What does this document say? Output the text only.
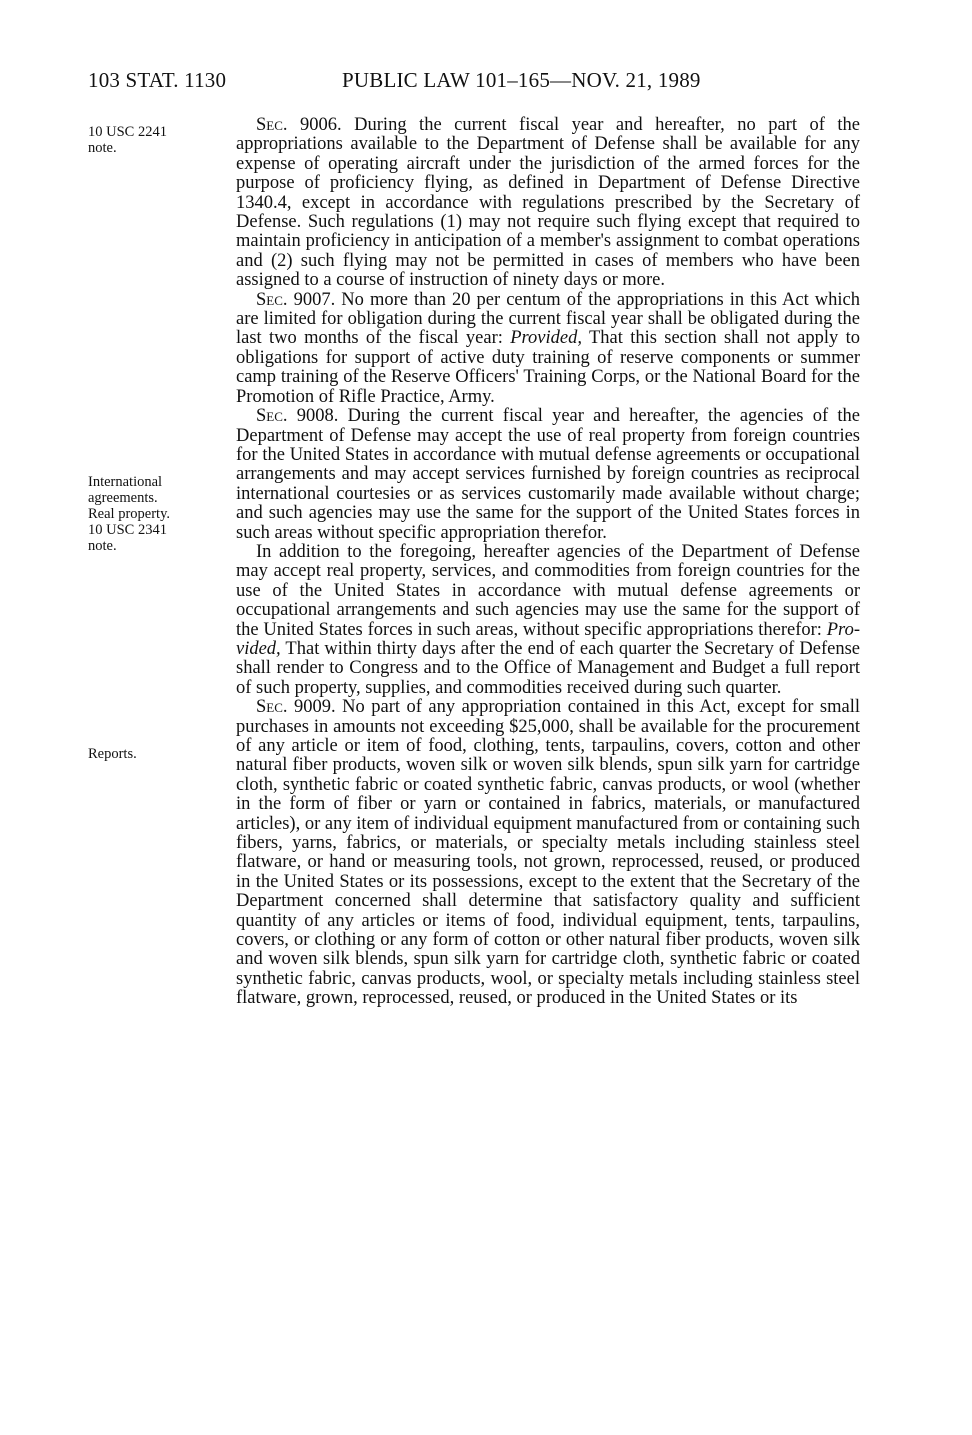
103 STAT. 1130	PUBLIC LAW 101–165—NOV. 21, 1989
10 USC 2241
note.
International
agreements.
Real property.
10 USC 2341
note.
Reports.

Sec. 9006. During the current fiscal year and hereafter, no part of the appropriations available to the Department of Defense shall be available for any expense of operating aircraft under the jurisdiction of the armed forces for the purpose of proficiency flying, as defined in Department of Defense Directive 1340.4, except in accordance with regulations prescribed by the Secretary of Defense. Such regulations (1) may not require such flying except that required to maintain proficiency in anticipation of a member's assignment to combat operations and (2) such flying may not be permitted in cases of members who have been assigned to a course of instruction of ninety days or more.

Sec. 9007. No more than 20 per centum of the appropriations in this Act which are limited for obligation during the current fiscal year shall be obligated during the last two months of the fiscal year: Provided, That this section shall not apply to obligations for support of active duty training of reserve components or summer camp training of the Reserve Officers' Training Corps, or the National Board for the Promotion of Rifle Practice, Army.

Sec. 9008. During the current fiscal year and hereafter, the agencies of the Department of Defense may accept the use of real property from foreign countries for the United States in accordance with mutual defense agreements or occupational arrangements and may accept services furnished by foreign countries as reciprocal international courtesies or as services customarily made available without charge; and such agencies may use the same for the support of the United States forces in such areas without specific appropriation therefor.

In addition to the foregoing, hereafter agencies of the Department of Defense may accept real property, services, and commodities from foreign countries for the use of the United States in accordance with mutual defense agreements or occupational arrangements and such agencies may use the same for the support of the United States forces in such areas, without specific appropriations therefor: Provided, That within thirty days after the end of each quarter the Secretary of Defense shall render to Congress and to the Office of Management and Budget a full report of such property, supplies, and commodities received during such quarter.

Sec. 9009. No part of any appropriation contained in this Act, except for small purchases in amounts not exceeding $25,000, shall be available for the procurement of any article or item of food, clothing, tents, tarpaulins, covers, cotton and other natural fiber products, woven silk or woven silk blends, spun silk yarn for cartridge cloth, synthetic fabric or coated synthetic fabric, canvas products, or wool (whether in the form of fiber or yarn or contained in fabrics, materials, or manufactured articles), or any item of individual equipment manufactured from or containing such fibers, yarns, fabrics, or materials, or specialty metals including stainless steel flatware, or hand or measuring tools, not grown, reprocessed, reused, or produced in the United States or its possessions, except to the extent that the Secretary of the Department concerned shall determine that satisfactory quality and sufficient quantity of any articles or items of food, individual equipment, tents, tarpaulins, covers, or clothing or any form of cotton or other natural fiber products, woven silk and woven silk blends, spun silk yarn for cartridge cloth, synthetic fabric or coated synthetic fabric, canvas products, wool, or specialty metals including stainless steel flatware, grown, reprocessed, reused, or produced in the United States or its
